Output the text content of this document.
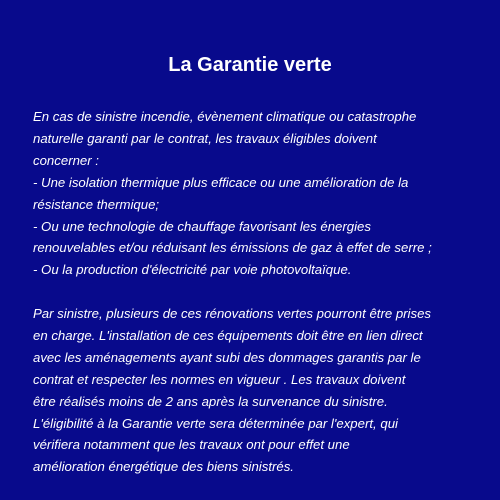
La Garantie verte
En cas de sinistre incendie, évènement climatique ou catastrophe
naturelle garanti par le contrat, les travaux éligibles doivent
concerner :
- Une isolation thermique plus efficace ou une amélioration de la
résistance thermique;
- Ou une technologie de chauffage favorisant les énergies
renouvelables et/ou réduisant les émissions de gaz à effet de serre ;
- Ou la production d'électricité par voie photovoltaïque.
Par sinistre, plusieurs de ces rénovations vertes pourront être prises
en charge. L'installation de ces équipements doit être en lien direct
avec les aménagements ayant subi des dommages garantis par le
contrat et respecter les normes en vigueur . Les travaux doivent
être réalisés moins de 2 ans après la survenance du sinistre.
L'éligibilité à la Garantie verte sera déterminée par l'expert, qui
vérifiera notamment que les travaux ont pour effet une
amélioration énergétique des biens sinistrés.
